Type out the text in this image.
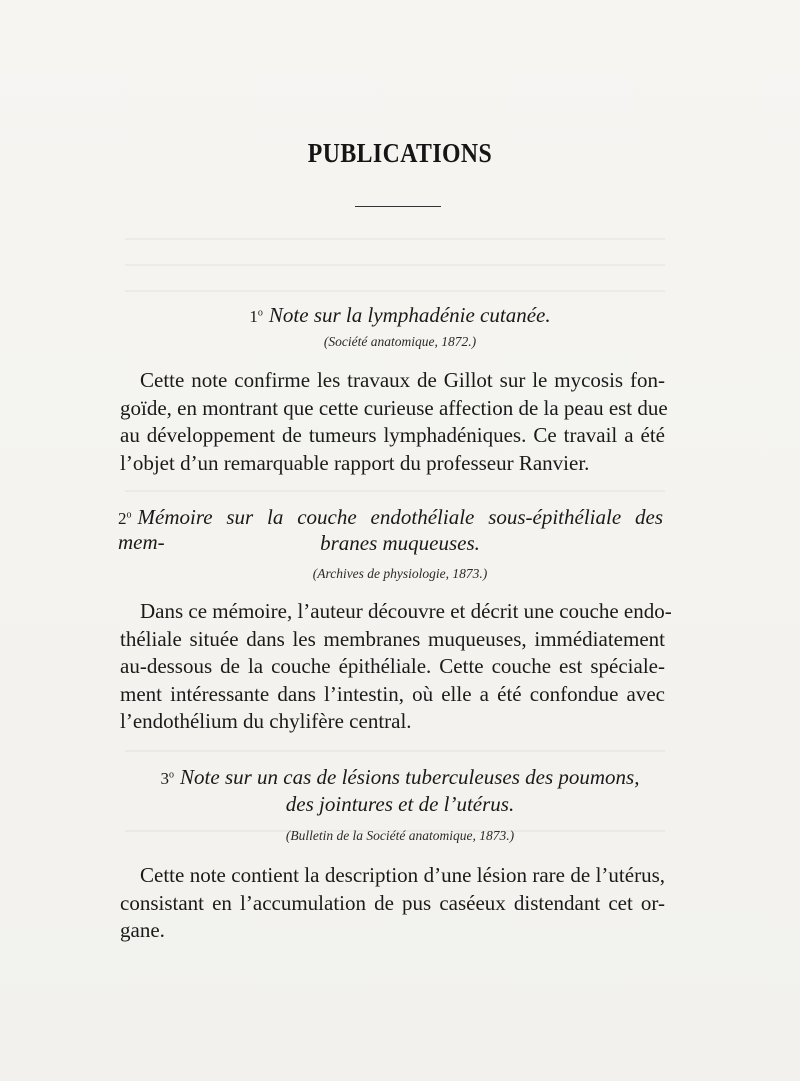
PUBLICATIONS
1$^o$ Note sur la lymphadénie cutanée.
(Société anatomique, 1872.)
Cette note confirme les travaux de Gillot sur le mycosis fon-
goïde, en montrant que cette curieuse affection de la peau est due
au développement de tumeurs lymphadéniques. Ce travail a été
l’objet d’un remarquable rapport du professeur Ranvier.
2$^o$ Mémoire sur la couche endothéliale sous-épithéliale des mem-	branes muqueuses.
(Archives de physiologie, 1873.)
Dans ce mémoire, l’auteur découvre et décrit une couche endo-
théliale située dans les membranes muqueuses, immédiatement
au-dessous de la couche épithéliale. Cette couche est spéciale-
ment intéressante dans l’intestin, où elle a été confondue avec
l’endothélium du chylifère central.
3$^o$ Note sur un cas de lésions tuberculeuses des poumons,
des jointures et de l’utérus.
(Bulletin de la Société anatomique, 1873.)
Cette note contient la description d’une lésion rare de l’utérus,
consistant en l’accumulation de pus caséeux distendant cet or-
gane.
